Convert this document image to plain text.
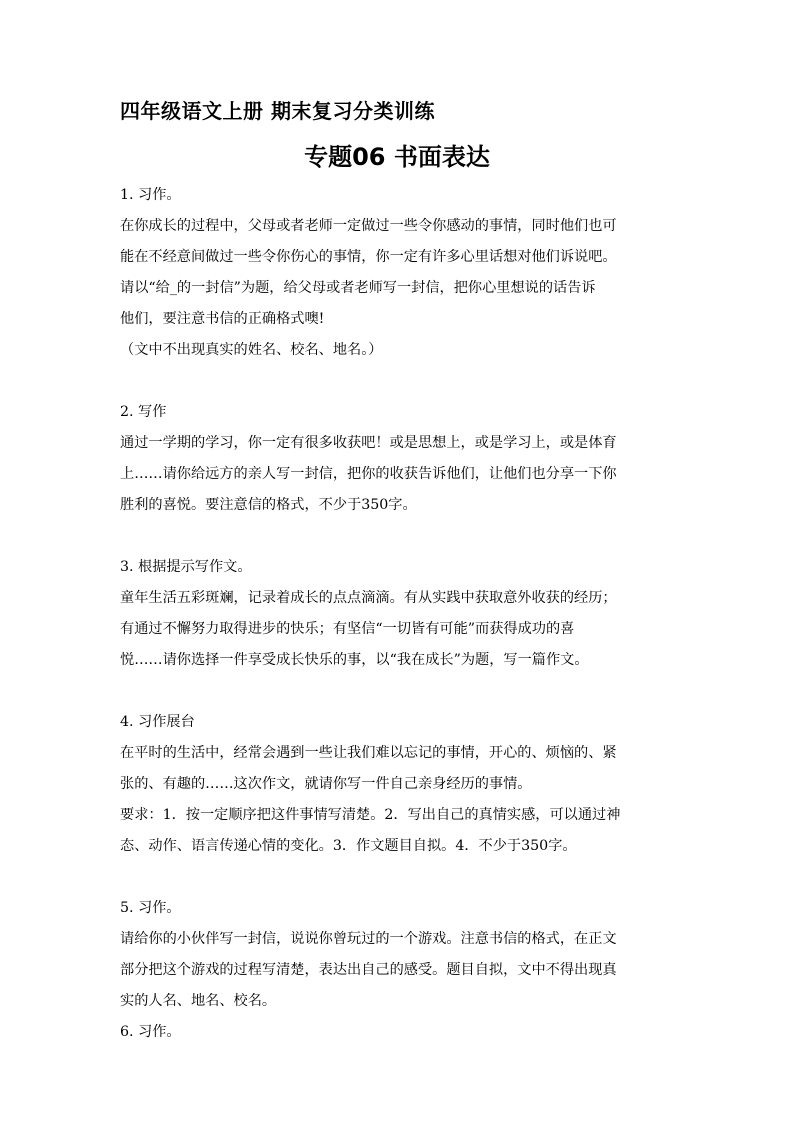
四年级语文上册 期末复习分类训练
专题06 书面表达
1. 习作。
在你成长的过程中，父母或者老师一定做过一些令你感动的事情，同时他们也可
能在不经意间做过一些令你伤心的事情，你一定有许多心里话想对他们诉说吧。
请以“给_的一封信”为题，给父母或者老师写一封信，把你心里想说的话告诉
他们，要注意书信的正确格式噢!
（文中不出现真实的姓名、校名、地名。）
2. 写作
通过一学期的学习，你一定有很多收获吧！或是思想上，或是学习上，或是体育
上……请你给远方的亲人写一封信，把你的收获告诉他们，让他们也分享一下你
胜利的喜悦。要注意信的格式，不少于350字。
3. 根据提示写作文。
童年生活五彩斑斓，记录着成长的点点滴滴。有从实践中获取意外收获的经历；
有通过不懈努力取得进步的快乐；有坚信“一切皆有可能”而获得成功的喜
悦……请你选择一件享受成长快乐的事，以“我在成长”为题，写一篇作文。
4. 习作展台
在平时的生活中，经常会遇到一些让我们难以忘记的事情，开心的、烦恼的、紧
张的、有趣的……这次作文，就请你写一件自己亲身经历的事情。
要求：1．按一定顺序把这件事情写清楚。2．写出自己的真情实感，可以通过神
态、动作、语言传递心情的变化。3．作文题目自拟。4．不少于350字。
5. 习作。
请给你的小伙伴写一封信，说说你曾玩过的一个游戏。注意书信的格式，在正文
部分把这个游戏的过程写清楚，表达出自己的感受。题目自拟，文中不得出现真
实的人名、地名、校名。
6. 习作。
